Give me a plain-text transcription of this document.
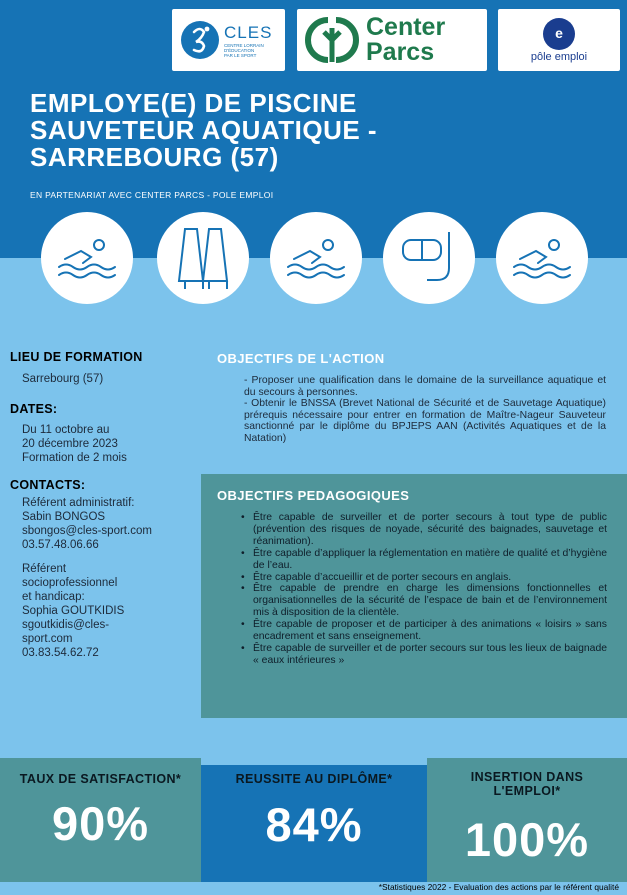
CLES
CENTRE LORRAIN
D'ÉDUCATION
PAR LE SPORT
Center
Parcs
e
pôle emploi
EMPLOYE(E) DE PISCINE
SAUVETEUR AQUATIQUE -
SARREBOURG (57)
EN PARTENARIAT AVEC CENTER PARCS - POLE EMPLOI
LIEU DE FORMATION
Sarrebourg (57)
DATES:
Du 11 octobre au
20 décembre 2023
Formation de 2 mois
CONTACTS:
Référent administratif:
Sabin BONGOS
sbongos@cles-sport.com
03.57.48.06.66
Référent
socioprofessionnel
et handicap:
Sophia GOUTKIDIS
sgoutkidis@cles-
sport.com
03.83.54.62.72
OBJECTIFS DE L'ACTION
- Proposer une qualification dans le domaine de la surveillance aquatique et du secours à personnes.
- Obtenir le BNSSA (Brevet National de Sécurité et de Sauvetage Aquatique) prérequis nécessaire pour entrer en formation de Maître-Nageur Sauveteur sanctionné par le diplôme du BPJEPS AAN (Activités Aquatiques et de la Natation)
OBJECTIFS PEDAGOGIQUES
• Être capable de surveiller et de porter secours à tout type de public (prévention des risques de noyade, sécurité des baignades, sauvetage et réanimation).
• Être capable d’appliquer la réglementation en matière de qualité et d’hygiène de l’eau.
• Être capable d’accueillir et de porter secours en anglais.
• Être capable de prendre en charge les dimensions fonctionnelles et organisationnelles de la sécurité de l’espace de bain et de l’environnement mis à disposition de la clientèle.
• Être capable de proposer et de participer à des animations « loisirs » sans encadrement et sans enseignement.
• Être capable de surveiller et de porter secours sur tous les lieux de baignade « eaux intérieures »
TAUX DE SATISFACTION*
90%
REUSSITE AU DIPLÔME*
84%
INSERTION DANS
L'EMPLOI*
100%
*Statistiques 2022 - Evaluation des actions par le référent qualité
